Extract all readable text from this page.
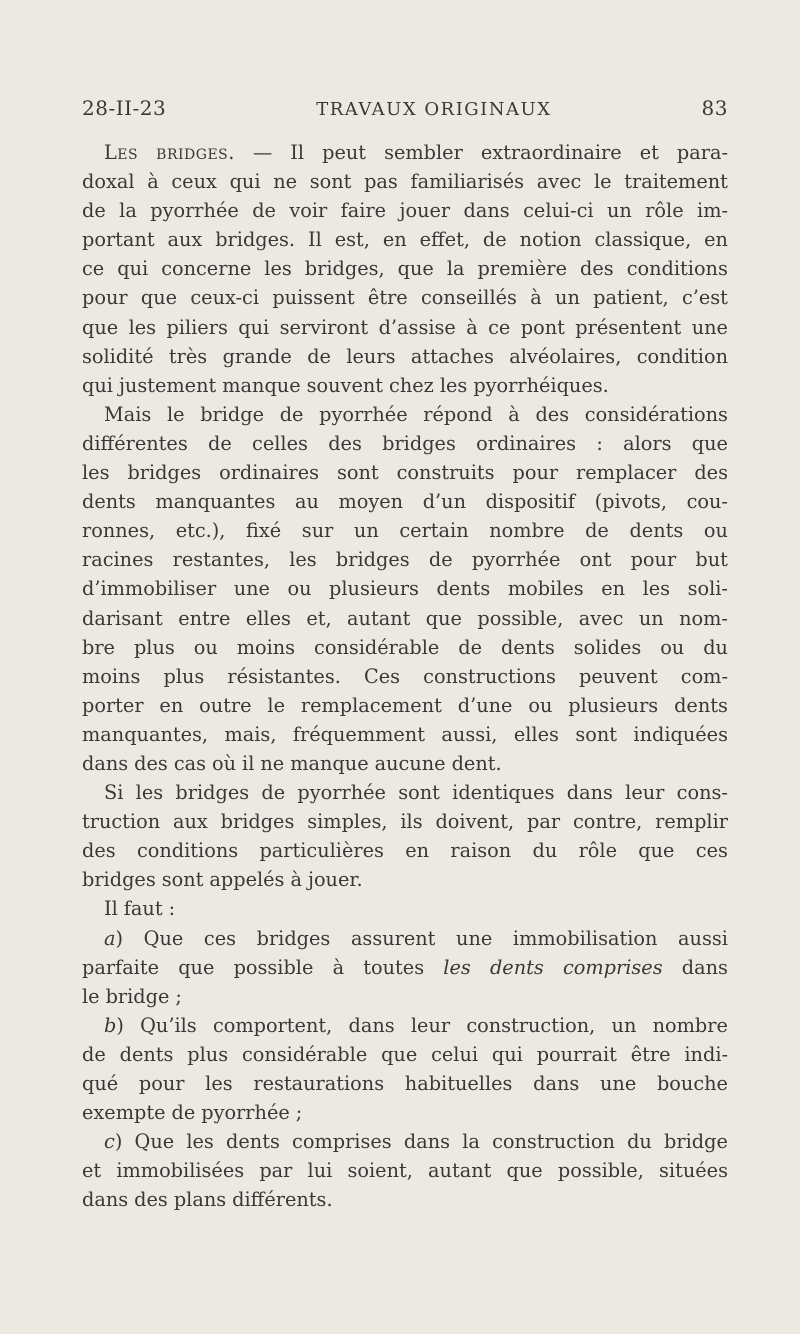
28-II-23	TRAVAUX ORIGINAUX	83
Les bridges. — Il peut sembler extraordinaire et para-
doxal à ceux qui ne sont pas familiarisés avec le traitement
de la pyorrhée de voir faire jouer dans celui-ci un rôle im-
portant aux bridges. Il est, en effet, de notion classique, en
ce qui concerne les bridges, que la première des conditions
pour que ceux-ci puissent être conseillés à un patient, c’est
que les piliers qui serviront d’assise à ce pont présentent une
solidité très grande de leurs attaches alvéolaires, condition
qui justement manque souvent chez les pyorrhéiques.
Mais le bridge de pyorrhée répond à des considérations
différentes de celles des bridges ordinaires : alors que
les bridges ordinaires sont construits pour remplacer des
dents manquantes au moyen d’un dispositif (pivots, cou-
ronnes, etc.), fixé sur un certain nombre de dents ou
racines restantes, les bridges de pyorrhée ont pour but
d’immobiliser une ou plusieurs dents mobiles en les soli-
darisant entre elles et, autant que possible, avec un nom-
bre plus ou moins considérable de dents solides ou du
moins plus résistantes. Ces constructions peuvent com-
porter en outre le remplacement d’une ou plusieurs dents
manquantes, mais, fréquemment aussi, elles sont indiquées
dans des cas où il ne manque aucune dent.
Si les bridges de pyorrhée sont identiques dans leur cons-
truction aux bridges simples, ils doivent, par contre, remplir
des conditions particulières en raison du rôle que ces
bridges sont appelés à jouer.
Il faut :
a) Que ces bridges assurent une immobilisation aussi
parfaite que possible à toutes les dents comprises dans
le bridge ;
b) Qu’ils comportent, dans leur construction, un nombre
de dents plus considérable que celui qui pourrait être indi-
qué pour les restaurations habituelles dans une bouche
exempte de pyorrhée ;
c) Que les dents comprises dans la construction du bridge
et immobilisées par lui soient, autant que possible, situées
dans des plans différents.
